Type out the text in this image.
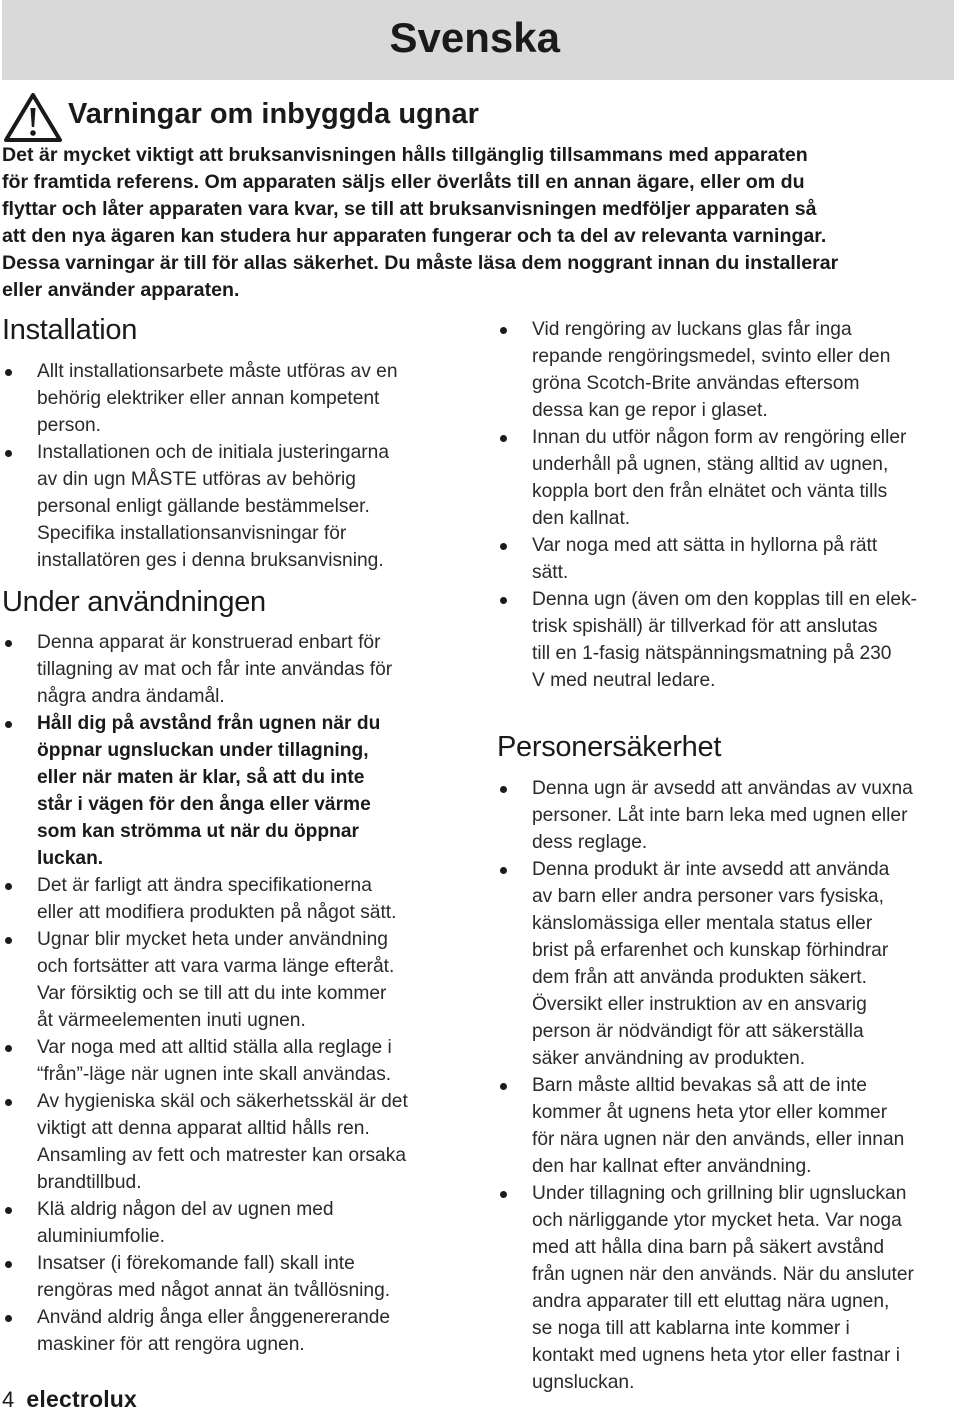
Svenska
Varningar om inbyggda ugnar

Det är mycket viktigt att bruksanvisningen hålls tillgänglig tillsammans med apparaten
för framtida referens. Om apparaten säljs eller överlåts till en annan ägare, eller om du
flyttar och låter apparaten vara kvar, se till att bruksanvisningen medföljer apparaten så
att den nya ägaren kan studera hur apparaten fungerar och ta del av relevanta varningar.
Dessa varningar är till för allas säkerhet. Du måste läsa dem noggrant innan du installerar
eller använder apparaten.

Installation
Allt installationsarbete måste utföras av en
behörig elektriker eller annan kompetent
person.
Installationen och de initiala justeringarna
av din ugn MÅSTE utföras av behörig
personal enligt gällande bestämmelser.
Specifika installationsanvisningar för
installatören ges i denna bruksanvisning.
Under användningen
Denna apparat är konstruerad enbart för
tillagning av mat och får inte användas för
några andra ändamål.
Håll dig på avstånd från ugnen när du
öppnar ugnsluckan under tillagning,
eller när maten är klar, så att du inte
står i vägen för den ånga eller värme
som kan strömma ut när du öppnar
luckan.
Det är farligt att ändra specifikationerna
eller att modifiera produkten på något sätt.
Ugnar blir mycket heta under användning
och fortsätter att vara varma länge efteråt.
Var försiktig och se till att du inte kommer
åt värmeelementen inuti ugnen.
Var noga med att alltid ställa alla reglage i
“från”-läge när ugnen inte skall användas.
Av hygieniska skäl och säkerhetsskäl är det
viktigt att denna apparat alltid hålls ren.
Ansamling av fett och matrester kan orsaka
brandtillbud.
Klä aldrig någon del av ugnen med
aluminiumfolie.
Insatser (i förekomande fall) skall inte
rengöras med något annat än tvållösning.
Använd aldrig ånga eller ånggenererande
maskiner för att rengöra ugnen.
Vid rengöring av luckans glas får inga
repande rengöringsmedel, svinto eller den
gröna Scotch-Brite användas eftersom
dessa kan ge repor i glaset.
Innan du utför någon form av rengöring eller
underhåll på ugnen, stäng alltid av ugnen,
koppla bort den från elnätet och vänta tills
den kallnat.
Var noga med att sätta in hyllorna på rätt
sätt.
Denna ugn (även om den kopplas till en elek-
trisk spishäll) är tillverkad för att anslutas
till en 1-fasig nätspänningsmatning på 230
V med neutral ledare.
Personersäkerhet
Denna ugn är avsedd att användas av vuxna
personer. Låt inte barn leka med ugnen eller
dess reglage.
Denna produkt är inte avsedd att använda
av barn eller andra personer vars fysiska,
känslomässiga eller mentala status eller
brist på erfarenhet och kunskap förhindrar
dem från att använda produkten säkert.
Översikt eller instruktion av en ansvarig
person är nödvändigt för att säkerställa
säker användning av produkten.
Barn måste alltid bevakas så att de inte
kommer åt ugnens heta ytor eller kommer
för nära ugnen när den används, eller innan
den har kallnat efter användning.
Under tillagning och grillning blir ugnsluckan
och närliggande ytor mycket heta. Var noga
med att hålla dina barn på säkert avstånd
från ugnen när den används. När du ansluter
andra apparater till ett eluttag nära ugnen,
se noga till att kablarna inte kommer i
kontakt med ugnens heta ytor eller fastnar i
ugnsluckan.
4 electrolux
